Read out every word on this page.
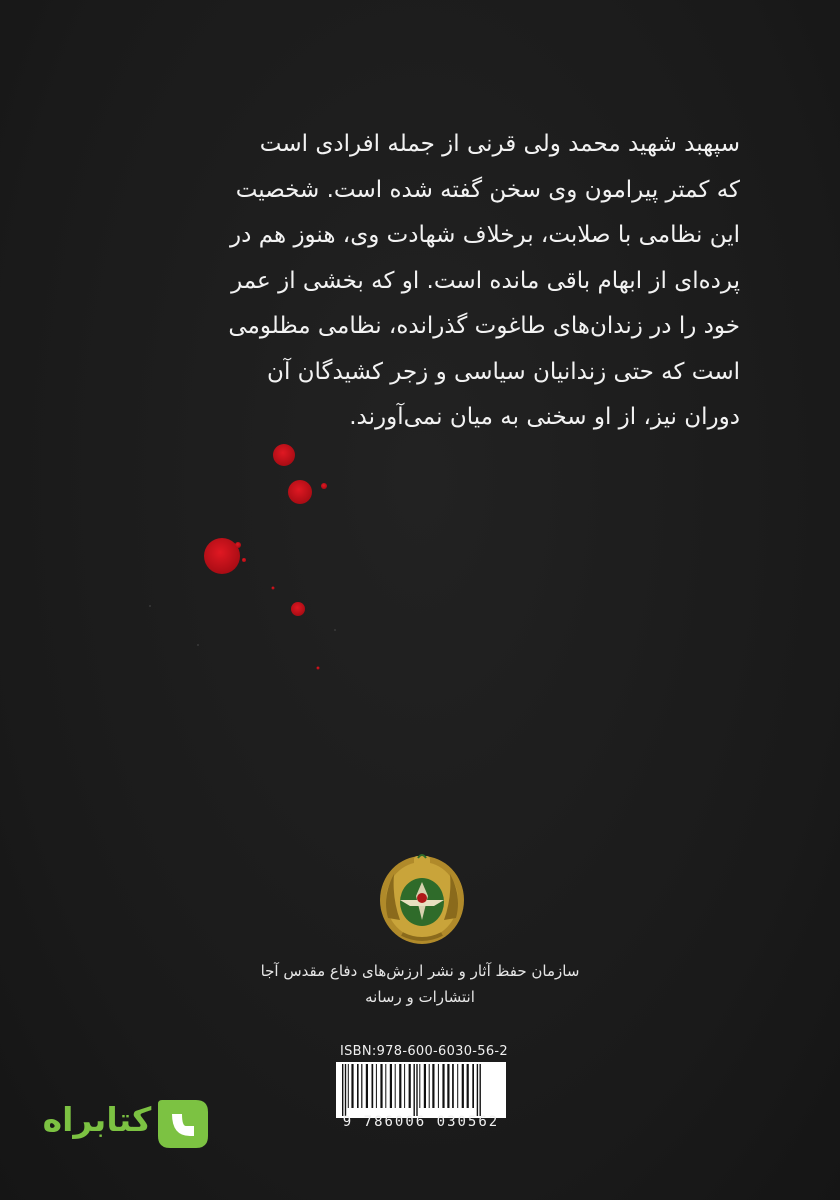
سپهبد شهید محمد ولی قرنی از جمله افرادی است
که کمتر پیرامون وی سخن گفته شده است. شخصیت
این نظامی با صلابت، برخلاف شهادت وی، هنوز هم در
پرده‌ای از ابهام باقی مانده است. او که بخشی از عمر
خود را در زندان‌های طاغوت گذرانده، نظامی مظلومی
است که حتی زندانیان سیاسی و زجر کشیدگان آن
دوران نیز، از او سخنی به میان نمی‌آورند.
سازمان حفظ آثار و نشر ارزش‌های دفاع مقدس آجا
انتشارات و رسانه
ISBN:978-600-6030-56-2
9 786006 030562
کتابراه
